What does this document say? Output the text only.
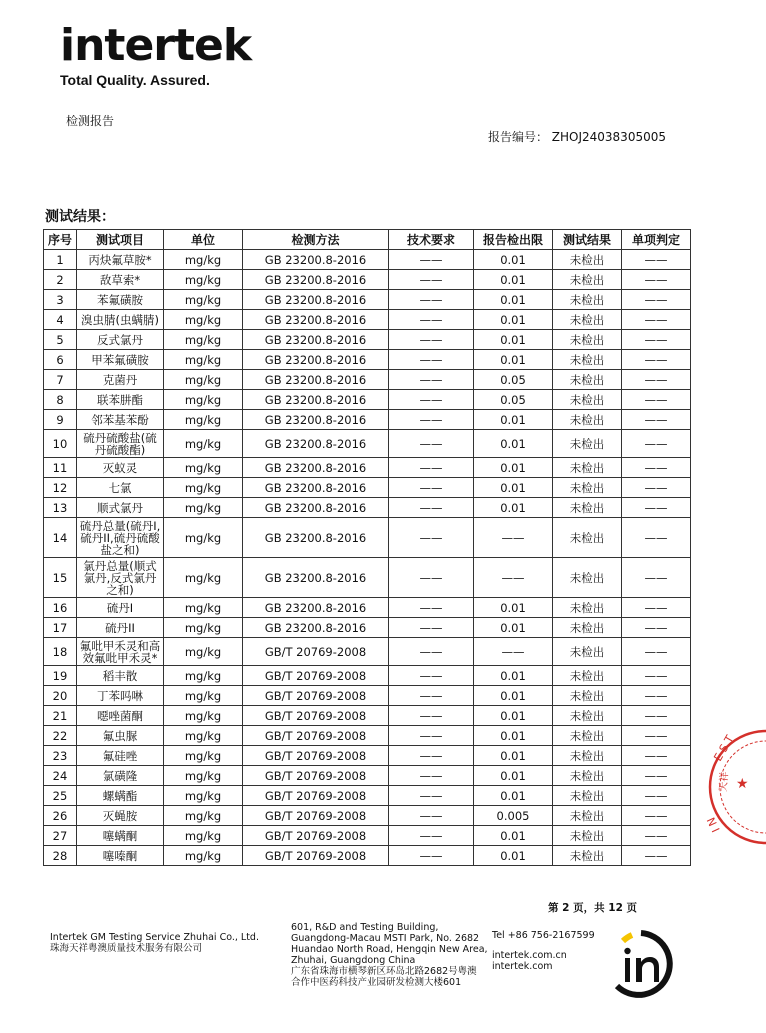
intertek
Total Quality. Assured.
检测报告
报告编号： ZHOJ24038305005
测试结果：
序号	测试项目	单位	检测方法	技术要求	报告检出限	测试结果	单项判定
1	丙炔氟草胺*	mg/kg	GB 23200.8-2016	——	0.01	未检出	——
2	敌草索*	mg/kg	GB 23200.8-2016	——	0.01	未检出	——
3	苯氟磺胺	mg/kg	GB 23200.8-2016	——	0.01	未检出	——
4	溴虫腈(虫螨腈)	mg/kg	GB 23200.8-2016	——	0.01	未检出	——
5	反式氯丹	mg/kg	GB 23200.8-2016	——	0.01	未检出	——
6	甲苯氟磺胺	mg/kg	GB 23200.8-2016	——	0.01	未检出	——
7	克菌丹	mg/kg	GB 23200.8-2016	——	0.05	未检出	——
8	联苯肼酯	mg/kg	GB 23200.8-2016	——	0.05	未检出	——
9	邻苯基苯酚	mg/kg	GB 23200.8-2016	——	0.01	未检出	——
10	硫丹硫酸盐(硫丹硫酸酯)	mg/kg	GB 23200.8-2016	——	0.01	未检出	——
11	灭蚁灵	mg/kg	GB 23200.8-2016	——	0.01	未检出	——
12	七氯	mg/kg	GB 23200.8-2016	——	0.01	未检出	——
13	顺式氯丹	mg/kg	GB 23200.8-2016	——	0.01	未检出	——
14	硫丹总量(硫丹I,硫丹II,硫丹硫酸盐之和)	mg/kg	GB 23200.8-2016	——	——	未检出	——
15	氯丹总量(顺式氯丹,反式氯丹之和)	mg/kg	GB 23200.8-2016	——	——	未检出	——
16	硫丹I	mg/kg	GB 23200.8-2016	——	0.01	未检出	——
17	硫丹II	mg/kg	GB 23200.8-2016	——	0.01	未检出	——
18	氟吡甲禾灵和高效氟吡甲禾灵*	mg/kg	GB/T 20769-2008	——	——	未检出	——
19	稻丰散	mg/kg	GB/T 20769-2008	——	0.01	未检出	——
20	丁苯吗啉	mg/kg	GB/T 20769-2008	——	0.01	未检出	——
21	噁唑菌酮	mg/kg	GB/T 20769-2008	——	0.01	未检出	——
22	氟虫脲	mg/kg	GB/T 20769-2008	——	0.01	未检出	——
23	氟硅唑	mg/kg	GB/T 20769-2008	——	0.01	未检出	——
24	氯磺隆	mg/kg	GB/T 20769-2008	——	0.01	未检出	——
25	螺螨酯	mg/kg	GB/T 20769-2008	——	0.01	未检出	——
26	灭蝇胺	mg/kg	GB/T 20769-2008	——	0.005	未检出	——
27	噻螨酮	mg/kg	GB/T 20769-2008	——	0.01	未检出	——
28	噻嗪酮	mg/kg	GB/T 20769-2008	——	0.01	未检出	——
第 2 页，共 12 页
Intertek GM Testing Service Zhuhai Co., Ltd.
珠海天祥粤澳质量技术服务有限公司
601, R&D and Testing Building,
Guangdong-Macau MSTI Park, No. 2682
Huandao North Road, Hengqin New Area,
Zhuhai, Guangdong China
广东省珠海市横琴新区环岛北路2682号粤澳
合作中医药科技产业园研发检测大楼601
Tel +86 756-2167599
intertek.com.cn
intertek.com
E S T
天祥
I N
★
